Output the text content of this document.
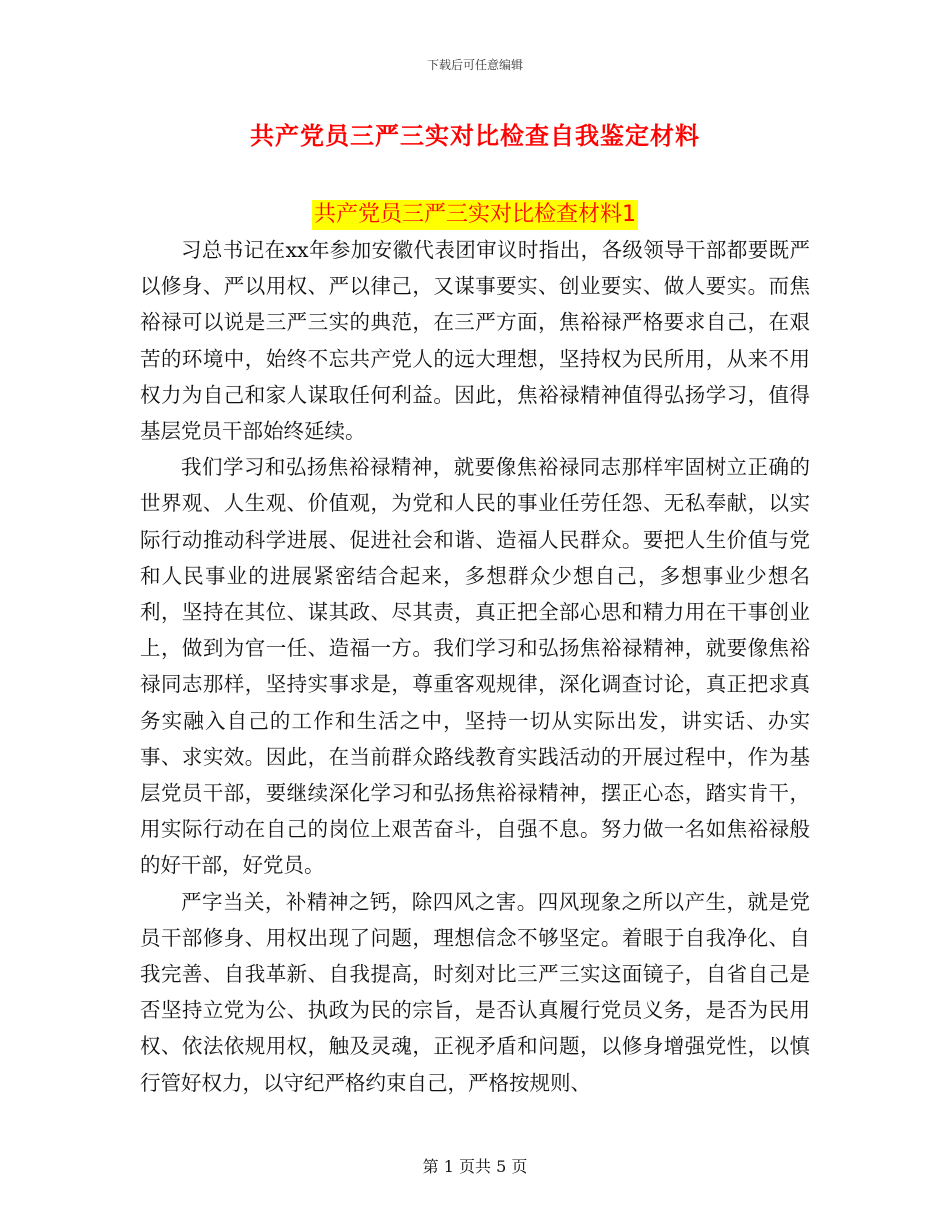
下载后可任意编辑
共产党员三严三实对比检查自我鉴定材料
共产党员三严三实对比检查材料1

习总书记在xx年参加安徽代表团审议时指出，各级领导干部都要既严以修身、严以用权、严以律己，又谋事要实、创业要实、做人要实。而焦裕禄可以说是三严三实的典范，在三严方面，焦裕禄严格要求自己，在艰苦的环境中，始终不忘共产党人的远大理想，坚持权为民所用，从来不用权力为自己和家人谋取任何利益。因此，焦裕禄精神值得弘扬学习，值得基层党员干部始终延续。

我们学习和弘扬焦裕禄精神，就要像焦裕禄同志那样牢固树立正确的世界观、人生观、价值观，为党和人民的事业任劳任怨、无私奉献，以实际行动推动科学进展、促进社会和谐、造福人民群众。要把人生价值与党和人民事业的进展紧密结合起来，多想群众少想自己，多想事业少想名利，坚持在其位、谋其政、尽其责，真正把全部心思和精力用在干事创业上，做到为官一任、造福一方。我们学习和弘扬焦裕禄精神，就要像焦裕禄同志那样，坚持实事求是，尊重客观规律，深化调查讨论，真正把求真务实融入自己的工作和生活之中，坚持一切从实际出发，讲实话、办实事、求实效。因此，在当前群众路线教育实践活动的开展过程中，作为基层党员干部，要继续深化学习和弘扬焦裕禄精神，摆正心态，踏实肯干，用实际行动在自己的岗位上艰苦奋斗，自强不息。努力做一名如焦裕禄般的好干部，好党员。

严字当关，补精神之钙，除四风之害。四风现象之所以产生，就是党员干部修身、用权出现了问题，理想信念不够坚定。着眼于自我净化、自我完善、自我革新、自我提高，时刻对比三严三实这面镜子，自省自己是否坚持立党为公、执政为民的宗旨，是否认真履行党员义务，是否为民用权、依法依规用权，触及灵魂，正视矛盾和问题，以修身增强党性，以慎行管好权力，以守纪严格约束自己，严格按规则、

第 1 页共 5 页
